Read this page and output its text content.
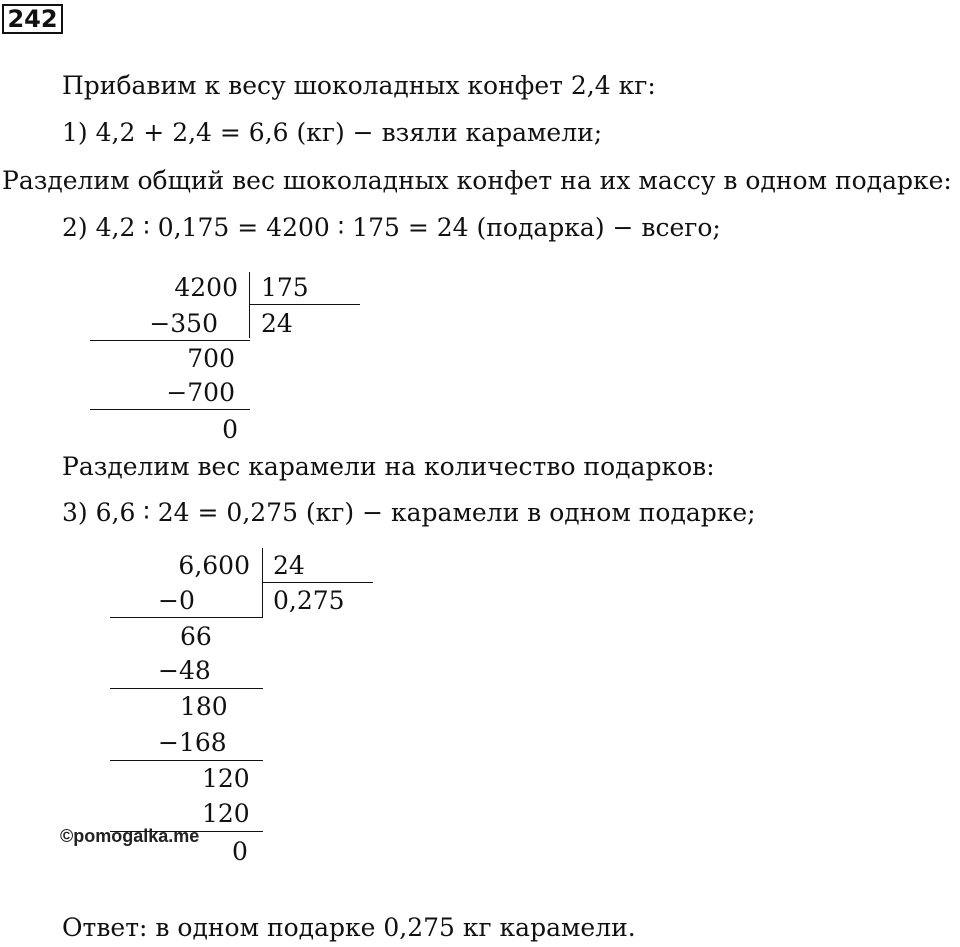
242
Прибавим к весу шоколадных конфет 2,4 кг:
1) 4,2 + 2,4 = 6,6 (кг) − взяли карамели;
Разделим общий вес шоколадных конфет на их массу в одном подарке:
2) 4,2 ∶ 0,175 = 4200 ∶ 175 = 24 (подарка) − всего;
4200 175
−350 24
700
−700
0
Разделим вес карамели на количество подарков:
3) 6,6 ∶ 24 = 0,275 (кг) − карамели в одном подарке;
6,600 24
−0	0,275
66
−48
180
−168
120
120
0
©pomogalka.me
Ответ: в одном подарке 0,275 кг карамели.
